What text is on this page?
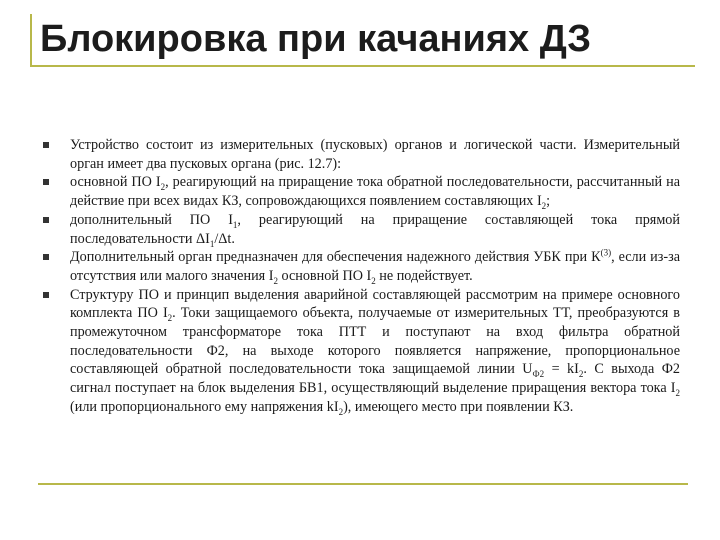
Блокировка при качаниях ДЗ
Устройство состоит из измерительных (пусковых) органов и логической части. Измерительный орган имеет два пусковых органа (рис. 12.7):
основной ПО $I_2$, реагирующий на приращение тока обратной последовательности, рассчитанный на действие при всех видах КЗ, сопровождающихся появлением составляющих $I_2$;
дополнительный ПО $I_1$, реагирующий на приращение составляющей тока прямой последовательности $\Delta I_1/\Delta t$.
Дополнительный орган предназначен для обеспечения надежного действия УБК при $К^{(3)}$, если из-за отсутствия или малого значения $I_2$ основной ПО $I_2$ не подействует.
Структуру ПО и принцип выделения аварийной составляющей рассмотрим на примере основного комплекта ПО $I_2$. Токи защищаемого объекта, получаемые от измерительных ТТ, преобразуются в промежуточном трансформаторе тока ПТТ и поступают на вход фильтра обратной последовательности Ф2, на выходе которого появляется напряжение, пропорциональное составляющей обратной последовательности тока защищаемой линии $U_{Ф2} = kI_2$. С выхода Ф2 сигнал поступает на блок выделения БВ1, осуществляющий выделение приращения вектора тока $I_2$ (или пропорционального ему напряжения $kI_2$), имеющего место при появлении КЗ.
